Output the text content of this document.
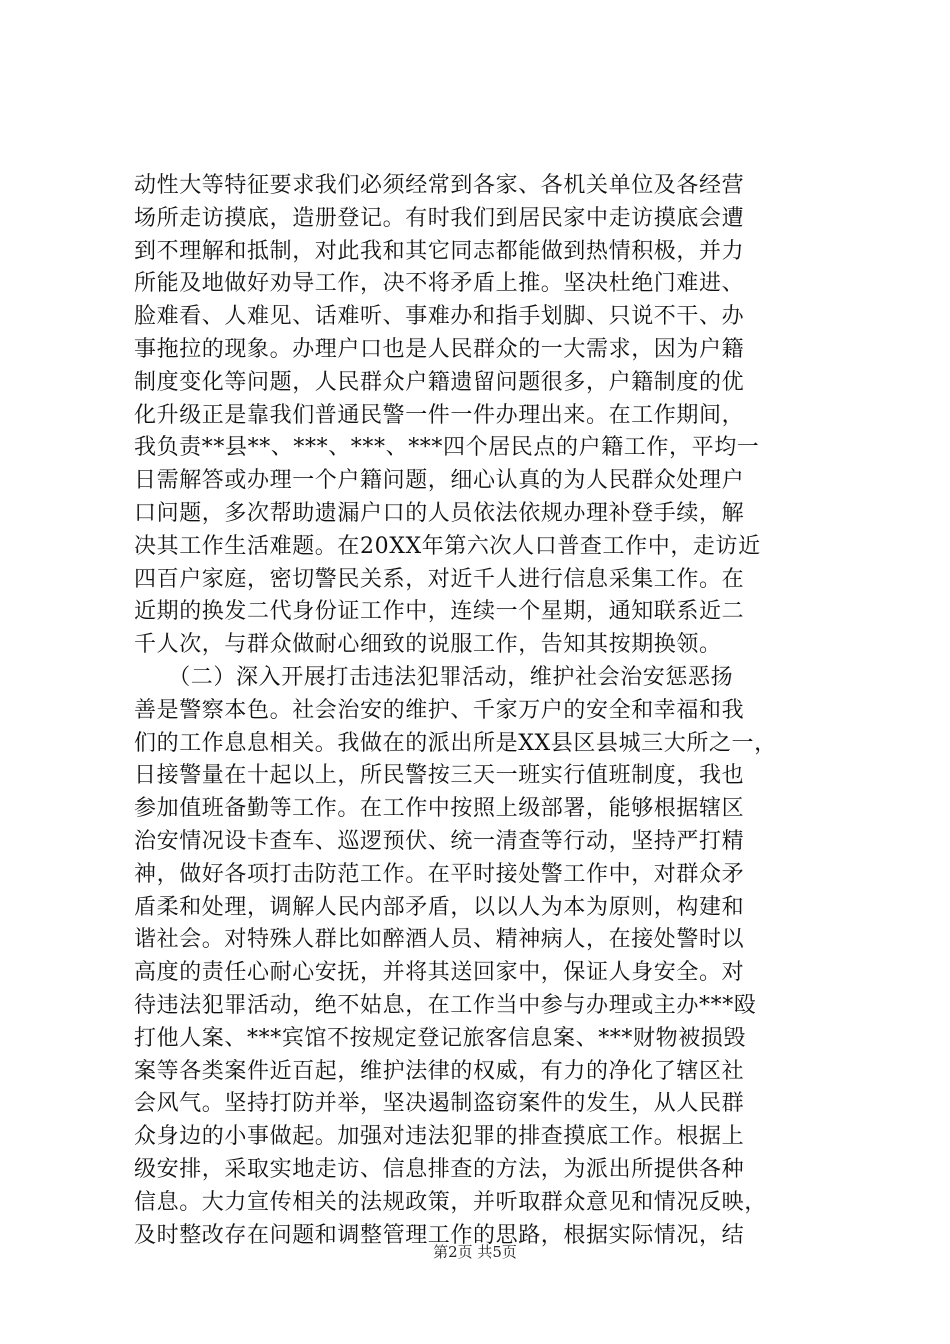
动性大等特征要求我们必须经常到各家、各机关单位及各经营
场所走访摸底，造册登记。有时我们到居民家中走访摸底会遭
到不理解和抵制，对此我和其它同志都能做到热情积极，并力
所能及地做好劝导工作，决不将矛盾上推。坚决杜绝门难进、
脸难看、人难见、话难听、事难办和指手划脚、只说不干、办
事拖拉的现象。办理户口也是人民群众的一大需求，因为户籍
制度变化等问题，人民群众户籍遗留问题很多，户籍制度的优
化升级正是靠我们普通民警一件一件办理出来。在工作期间，
我负责**县**、***、***、***四个居民点的户籍工作，平均一
日需解答或办理一个户籍问题，细心认真的为人民群众处理户
口问题，多次帮助遗漏户口的人员依法依规办理补登手续，解
决其工作生活难题。在20XX年第六次人口普查工作中，走访近
四百户家庭，密切警民关系，对近千人进行信息采集工作。在
近期的换发二代身份证工作中，连续一个星期，通知联系近二
千人次，与群众做耐心细致的说服工作，告知其按期换领。
　　（二）深入开展打击违法犯罪活动，维护社会治安惩恶扬
善是警察本色。社会治安的维护、千家万户的安全和幸福和我
们的工作息息相关。我做在的派出所是XX县区县城三大所之一，
日接警量在十起以上，所民警按三天一班实行值班制度，我也
参加值班备勤等工作。在工作中按照上级部署，能够根据辖区
治安情况设卡查车、巡逻预伏、统一清查等行动，坚持严打精
神，做好各项打击防范工作。在平时接处警工作中，对群众矛
盾柔和处理，调解人民内部矛盾，以以人为本为原则，构建和
谐社会。对特殊人群比如醉酒人员、精神病人，在接处警时以
高度的责任心耐心安抚，并将其送回家中，保证人身安全。对
待违法犯罪活动，绝不姑息，在工作当中参与办理或主办***殴
打他人案、***宾馆不按规定登记旅客信息案、***财物被损毁
案等各类案件近百起，维护法律的权威，有力的净化了辖区社
会风气。坚持打防并举，坚决遏制盗窃案件的发生，从人民群
众身边的小事做起。加强对违法犯罪的排查摸底工作。根据上
级安排，采取实地走访、信息排查的方法，为派出所提供各种
信息。大力宣传相关的法规政策，并听取群众意见和情况反映，
及时整改存在问题和调整管理工作的思路，根据实际情况，结
第2页 共5页
